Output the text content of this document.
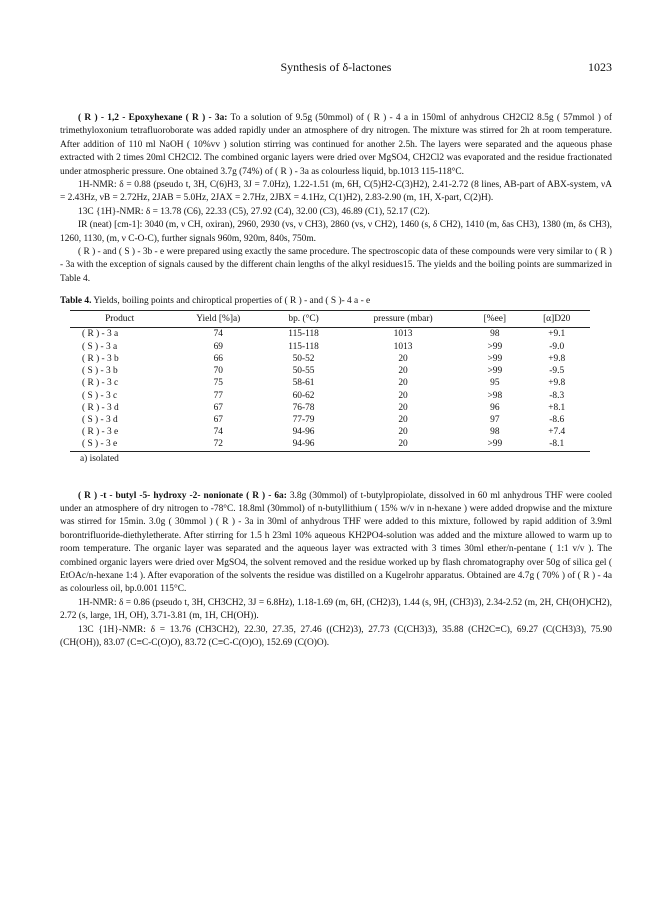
Synthesis of δ-lactones	1023

( R ) - 1,2 - Epoxyhexane ( R ) - 3a: To a solution of 9.5g (50mmol) of ( R ) - 4 a in 150ml of anhydrous CH2Cl2 8.5g ( 57mmol ) of trimethyloxonium tetrafluoroborate was added rapidly under an atmosphere of dry nitrogen. The mixture was stirred for 2h at room temperature. After addition of 110 ml NaOH ( 10%vv ) solution stirring was continued for another 2.5h. The layers were separated and the aqueous phase extracted with 2 times 20ml CH2Cl2. The combined organic layers were dried over MgSO4, CH2Cl2 was evaporated and the residue fractionated under atmospheric pressure. One obtained 3.7g (74%) of ( R ) - 3a as colourless liquid, bp.1013 115-118°C.

1H-NMR: δ = 0.88 (pseudo t, 3H, C(6)H3, 3J = 7.0Hz), 1.22-1.51 (m, 6H, C(5)H2-C(3)H2), 2.41-2.72 (8 lines, AB-part of ABX-system, νA = 2.43Hz, νB = 2.72Hz, 2JAB = 5.0Hz, 2JAX = 2.7Hz, 2JBX = 4.1Hz, C(1)H2), 2.83-2.90 (m, 1H, X-part, C(2)H).

13C {1H}-NMR: δ = 13.78 (C6), 22.33 (C5), 27.92 (C4), 32.00 (C3), 46.89 (C1), 52.17 (C2).

IR (neat) [cm-1]: 3040 (m, ν CH, oxiran), 2960, 2930 (vs, ν CH3), 2860 (vs, ν CH2), 1460 (s, δ CH2), 1410 (m, δas CH3), 1380 (m, δs CH3), 1260, 1130, (m, ν C-O-C), further signals 960m, 920m, 840s, 750m.

( R ) - and ( S ) - 3b - e were prepared using exactly the same procedure. The spectroscopic data of these compounds were very similar to ( R ) - 3a with the exception of signals caused by the different chain lengths of the alkyl residues15. The yields and the boiling points are summarized in Table 4.

Table 4. Yields, boiling points and chiroptical properties of ( R ) - and ( S )- 4 a - e
Product	Yield [%]a)	bp. (°C)	pressure (mbar)	[%ee]	[α]D20
( R ) - 3 a	74	115-118	1013	98	+9.1
( S ) - 3 a	69	115-118	1013	>99	-9.0
( R ) - 3 b	66	50-52	20	>99	+9.8
( S ) - 3 b	70	50-55	20	>99	-9.5
( R ) - 3 c	75	58-61	20	95	+9.8
( S ) - 3 c	77	60-62	20	>98	-8.3
( R ) - 3 d	67	76-78	20	96	+8.1
( S ) - 3 d	67	77-79	20	97	-8.6
( R ) - 3 e	74	94-96	20	98	+7.4
( S ) - 3 e	72	94-96	20	>99	-8.1
a) isolated

( R ) -t - butyl -5- hydroxy -2- nonionate ( R ) - 6a: 3.8g (30mmol) of t-butylpropiolate, dissolved in 60 ml anhydrous THF were cooled under an atmosphere of dry nitrogen to -78°C. 18.8ml (30mmol) of n-butyllithium ( 15% w/v in n-hexane ) were added dropwise and the mixture was stirred for 15min. 3.0g ( 30mmol ) ( R ) - 3a in 30ml of anhydrous THF were added to this mixture, followed by rapid addition of 3.9ml borontrifluoride-diethyletherate. After stirring for 1.5 h 23ml 10% aqueous KH2PO4-solution was added and the mixture allowed to warm up to room temperature. The organic layer was separated and the aqueous layer was extracted with 3 times 30ml ether/n-pentane ( 1:1 v/v ). The combined organic layers were dried over MgSO4, the solvent removed and the residue worked up by flash chromatography over 50g of silica gel ( EtOAc/n-hexane 1:4 ). After evaporation of the solvents the residue was distilled on a Kugelrohr apparatus. Obtained are 4.7g ( 70% ) of ( R ) - 4a as colourless oil, bp.0.001 115°C.

1H-NMR: δ = 0.86 (pseudo t, 3H, CH3CH2, 3J = 6.8Hz), 1.18-1.69 (m, 6H, (CH2)3), 1.44 (s, 9H, (CH3)3), 2.34-2.52 (m, 2H, CH(OH)CH2), 2.72 (s, large, 1H, OH), 3.71-3.81 (m, 1H, CH(OH)).

13C {1H}-NMR: δ = 13.76 (CH3CH2), 22.30, 27.35, 27.46 ((CH2)3), 27.73 (C(CH3)3), 35.88 (CH2C≡C), 69.27 (C(CH3)3), 75.90 (CH(OH)), 83.07 (C≡C-C(O)O), 83.72 (C≡C-C(O)O), 152.69 (C(O)O).
